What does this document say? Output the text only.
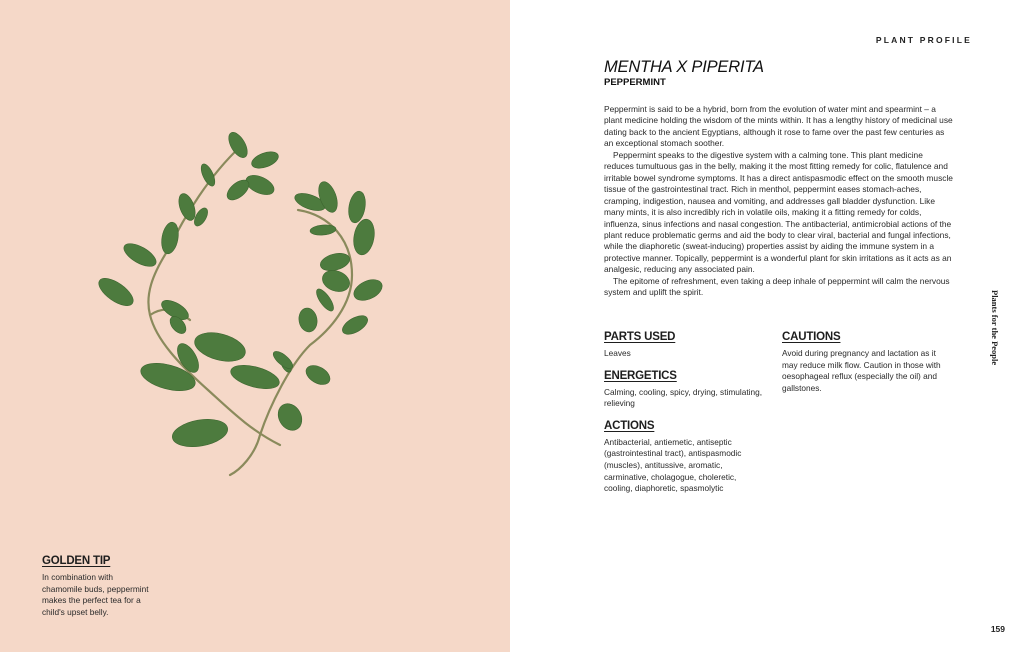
GOLDEN TIP

In combination with

chamomile buds, peppermint

makes the perfect tea for a

child's upset belly.

PLANT PROFILE
MENTHA X PIPERITA
PEPPERMINT

Peppermint is said to be a hybrid, born from the evolution of water mint and spearmint – a plant medicine holding the wisdom of the mints within. It has a lengthy history of medicinal use dating back to the ancient Egyptians, although it rose to fame over the past few centuries as an exceptional stomach soother.

Peppermint speaks to the digestive system with a calming tone. This plant medicine reduces tumultuous gas in the belly, making it the most fitting remedy for colic, flatulence and irritable bowel syndrome symptoms. It has a direct antispasmodic effect on the smooth muscle tissue of the gastrointestinal tract. Rich in menthol, peppermint eases stomach-aches, cramping, indigestion, nausea and vomiting, and addresses gall bladder dysfunction. Like many mints, it is also incredibly rich in volatile oils, making it a fitting remedy for colds, influenza, sinus infections and nasal congestion. The antibacterial, antimicrobial actions of the plant reduce problematic germs and aid the body to clear viral, bacterial and fungal infections, while the diaphoretic (sweat-inducing) properties assist by aiding the immune system in a protective manner. Topically, peppermint is a wonderful plant for skin irritations as it acts as an analgesic, reducing any associated pain.

The epitome of refreshment, even taking a deep inhale of peppermint will calm the nervous system and uplift the spirit.

PARTS USED

Leaves

ENERGETICS

Calming, cooling, spicy, drying, stimulating, relieving

ACTIONS

Antibacterial, antiemetic, antiseptic (gastrointestinal tract), antispasmodic (muscles), antitussive, aromatic, carminative, cholagogue, choleretic, cooling, diaphoretic, spasmolytic

CAUTIONS

Avoid during pregnancy and lactation as it may reduce milk flow. Caution in those with oesophageal reflux (especially the oil) and gallstones.

Plants for the People
159
